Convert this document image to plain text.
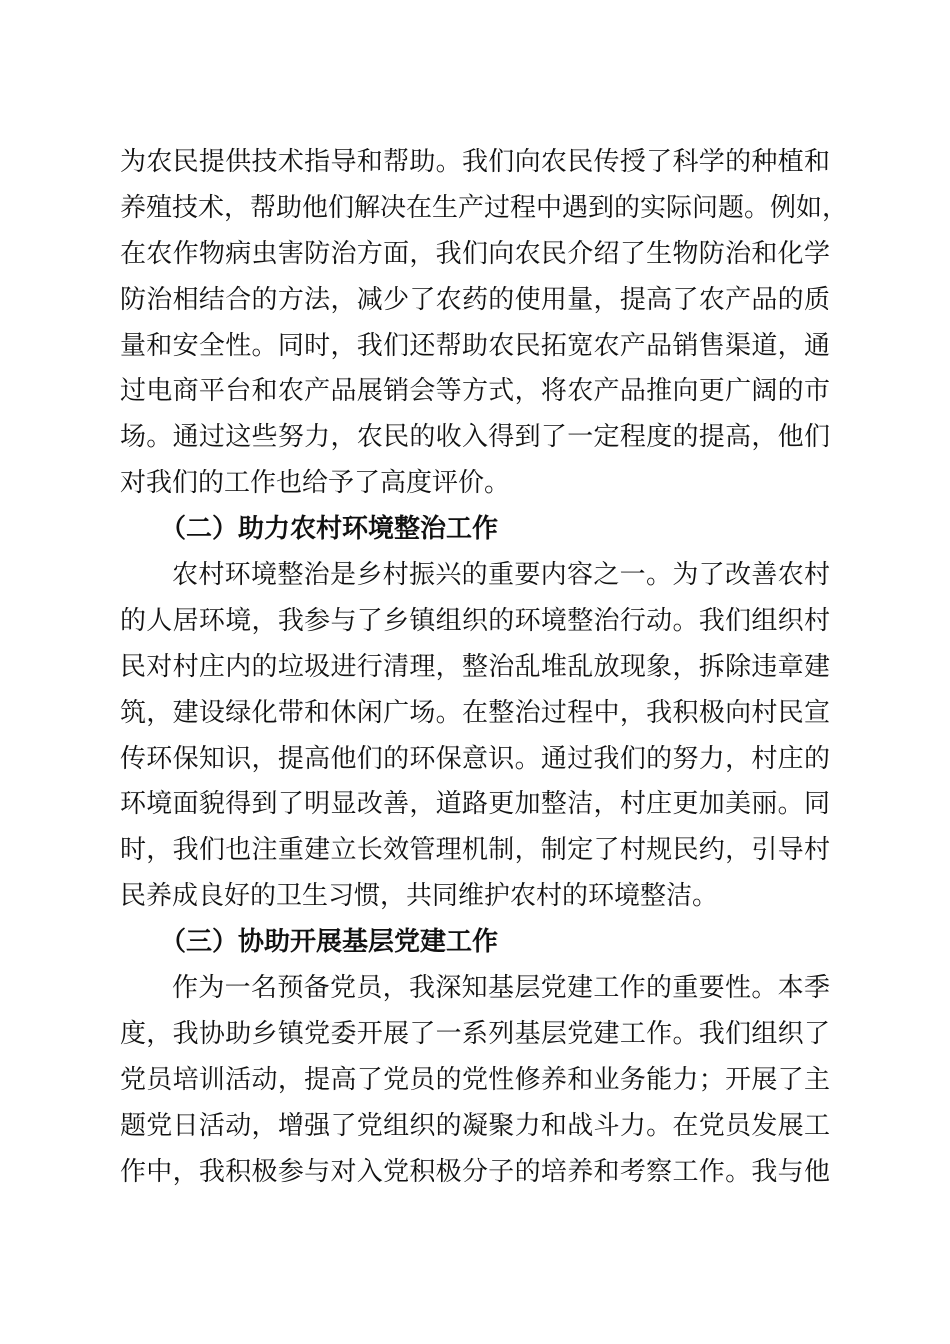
为农民提供技术指导和帮助。我们向农民传授了科学的种植和
养殖技术，帮助他们解决在生产过程中遇到的实际问题。例如，
在农作物病虫害防治方面，我们向农民介绍了生物防治和化学
防治相结合的方法，减少了农药的使用量，提高了农产品的质
量和安全性。同时，我们还帮助农民拓宽农产品销售渠道，通
过电商平台和农产品展销会等方式，将农产品推向更广阔的市
场。通过这些努力，农民的收入得到了一定程度的提高，他们
对我们的工作也给予了高度评价。
（二）助力农村环境整治工作
农村环境整治是乡村振兴的重要内容之一。为了改善农村
的人居环境，我参与了乡镇组织的环境整治行动。我们组织村
民对村庄内的垃圾进行清理，整治乱堆乱放现象，拆除违章建
筑，建设绿化带和休闲广场。在整治过程中，我积极向村民宣
传环保知识，提高他们的环保意识。通过我们的努力，村庄的
环境面貌得到了明显改善，道路更加整洁，村庄更加美丽。同
时，我们也注重建立长效管理机制，制定了村规民约，引导村
民养成良好的卫生习惯，共同维护农村的环境整洁。
（三）协助开展基层党建工作
作为一名预备党员，我深知基层党建工作的重要性。本季
度，我协助乡镇党委开展了一系列基层党建工作。我们组织了
党员培训活动，提高了党员的党性修养和业务能力；开展了主
题党日活动，增强了党组织的凝聚力和战斗力。在党员发展工
作中，我积极参与对入党积极分子的培养和考察工作。我与他
